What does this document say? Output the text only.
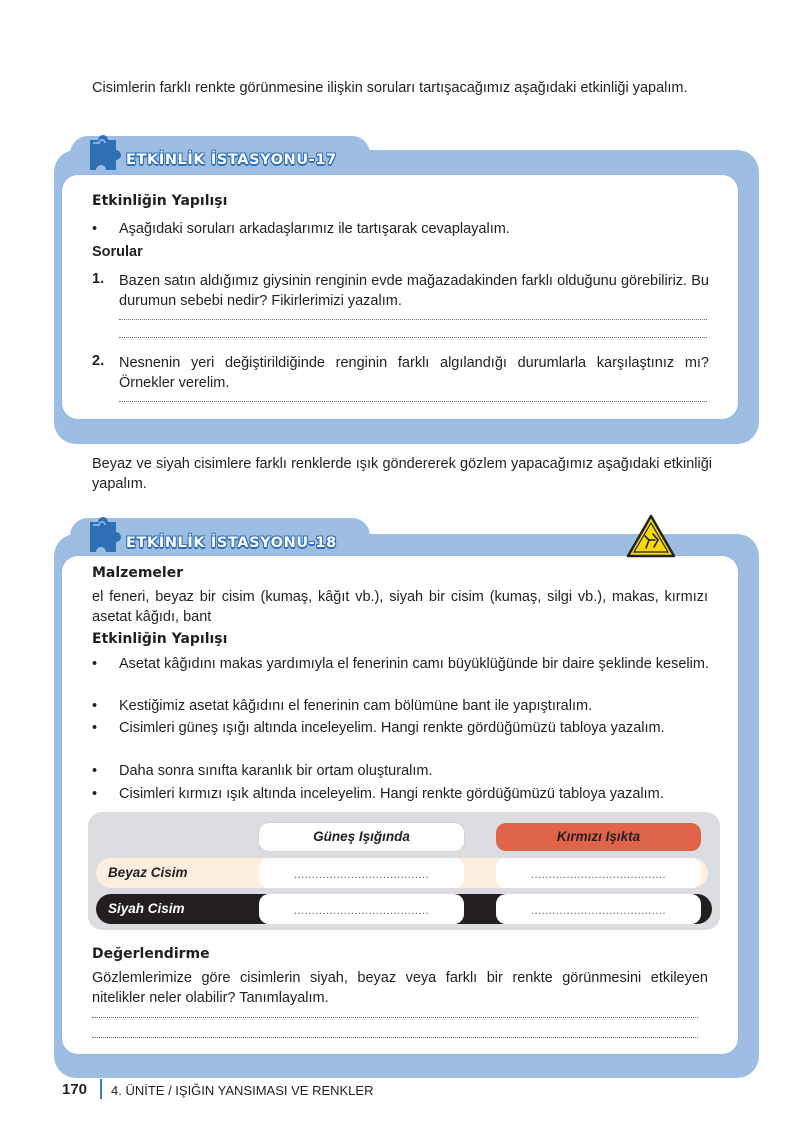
Cisimlerin farklı renkte görünmesine ilişkin soruları tartışacağımız aşağıdaki etkinliği yapalım.
ETKİNLİK İSTASYONU-17
Etkinliğin Yapılışı
• Aşağıdaki soruları arkadaşlarımız ile tartışarak cevaplayalım.
Sorular
1. Bazen satın aldığımız giysinin renginin evde mağazadakinden farklı olduğunu görebiliriz. Bu durumun sebebi nedir? Fikirlerimizi yazalım.
2. Nesnenin yeri değiştirildiğinde renginin farklı algılandığı durumlarla karşılaştınız mı? Örnekler verelim.
Beyaz ve siyah cisimlere farklı renklerde ışık göndererek gözlem yapacağımız aşağıdaki etkinliği yapalım.
ETKİNLİK İSTASYONU-18
Malzemeler
el feneri, beyaz bir cisim (kumaş, kâğıt vb.), siyah bir cisim (kumaş, silgi vb.), makas, kırmızı asetat kâğıdı, bant
Etkinliğin Yapılışı
• Asetat kâğıdını makas yardımıyla el fenerinin camı büyüklüğünde bir daire şeklinde keselim.
• Kestiğimiz asetat kâğıdını el fenerinin cam bölümüne bant ile yapıştıralım.
• Cisimleri güneş ışığı altında inceleyelim. Hangi renkte gördüğümüzü tabloya yazalım.
• Daha sonra sınıfta karanlık bir ortam oluşturalım.
• Cisimleri kırmızı ışık altında inceleyelim. Hangi renkte gördüğümüzü tabloya yazalım.
Güneş Işığında	Kırmızı Işıkta
Beyaz Cisim	......................................	......................................
Siyah Cisim	......................................	......................................
Değerlendirme
Gözlemlerimize göre cisimlerin siyah, beyaz veya farklı bir renkte görünmesini etkileyen nitelikler neler olabilir? Tanımlayalım.
170 4. ÜNİTE / IŞIĞIN YANSIMASI VE RENKLER
